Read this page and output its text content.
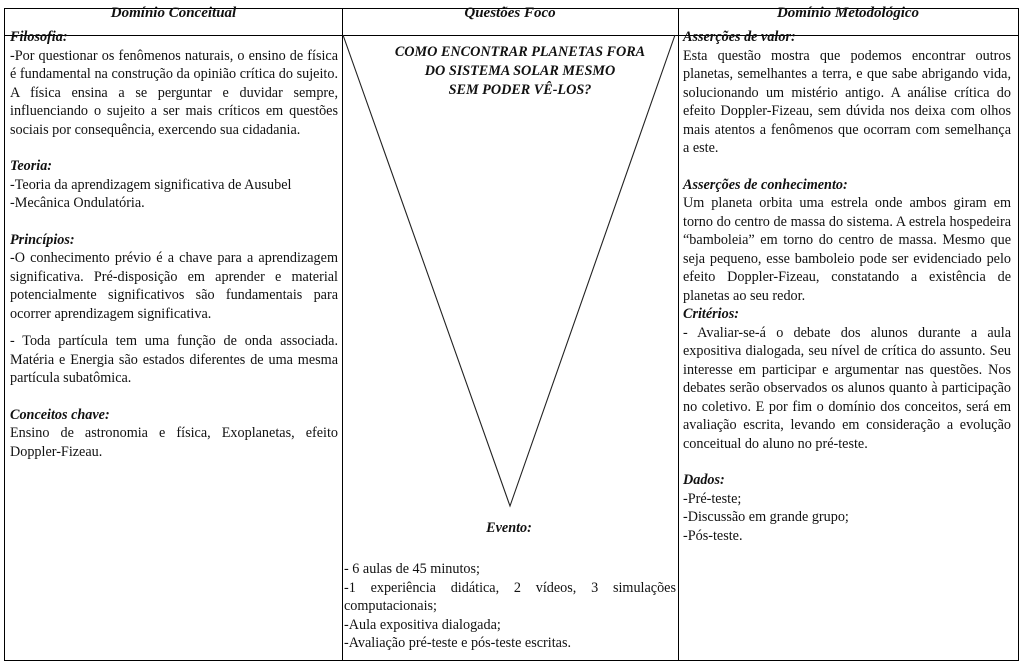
Domínio Conceitual	Questões Foco	Domínio Metodológico

Filosofia:

-Por questionar os fenômenos naturais, o ensino de física é fundamental na construção da opinião crítica do sujeito. A física ensina a se perguntar e duvidar sempre, influenciando o sujeito a ser mais críticos em questões sociais por consequência, exercendo sua cidadania.

Teoria:

-Teoria da aprendizagem significativa de Ausubel

-Mecânica Ondulatória.

Princípios:

-O conhecimento prévio é a chave para a aprendizagem significativa. Pré-disposição em aprender e material potencialmente significativos são fundamentais para ocorrer aprendizagem significativa.

- Toda partícula tem uma função de onda associada. Matéria e Energia são estados diferentes de uma mesma partícula subatômica.

Conceitos chave:

Ensino de astronomia e física, Exoplanetas, efeito Doppler-Fizeau.

COMO ENCONTRAR PLANETAS FORA
DO SISTEMA SOLAR MESMO
SEM PODER VÊ-LOS?
Evento:

- 6 aulas de 45 minutos;

-1 experiência didática, 2 vídeos, 3 simulações computacionais;

-Aula expositiva dialogada;

-Avaliação pré-teste e pós-teste escritas.

Asserções de valor:

Esta questão mostra que podemos encontrar outros planetas, semelhantes a terra, e que sabe abrigando vida, solucionando um mistério antigo. A análise crítica do efeito Doppler-Fizeau, sem dúvida nos deixa com olhos mais atentos a fenômenos que ocorram com semelhança a este.

Asserções de conhecimento:

Um planeta orbita uma estrela onde ambos giram em torno do centro de massa do sistema. A estrela hospedeira “bamboleia” em torno do centro de massa. Mesmo que seja pequeno, esse bamboleio pode ser evidenciado pelo efeito Doppler-Fizeau, constatando a existência de planetas ao seu redor.

Critérios:

- Avaliar-se-á o debate dos alunos durante a aula expositiva dialogada, seu nível de crítica do assunto. Seu interesse em participar e argumentar nas questões. Nos debates serão observados os alunos quanto à participação no coletivo. E por fim o domínio dos conceitos, será em avaliação escrita, levando em consideração a evolução conceitual do aluno no pré-teste.

Dados:

-Pré-teste;

-Discussão em grande grupo;

-Pós-teste.
